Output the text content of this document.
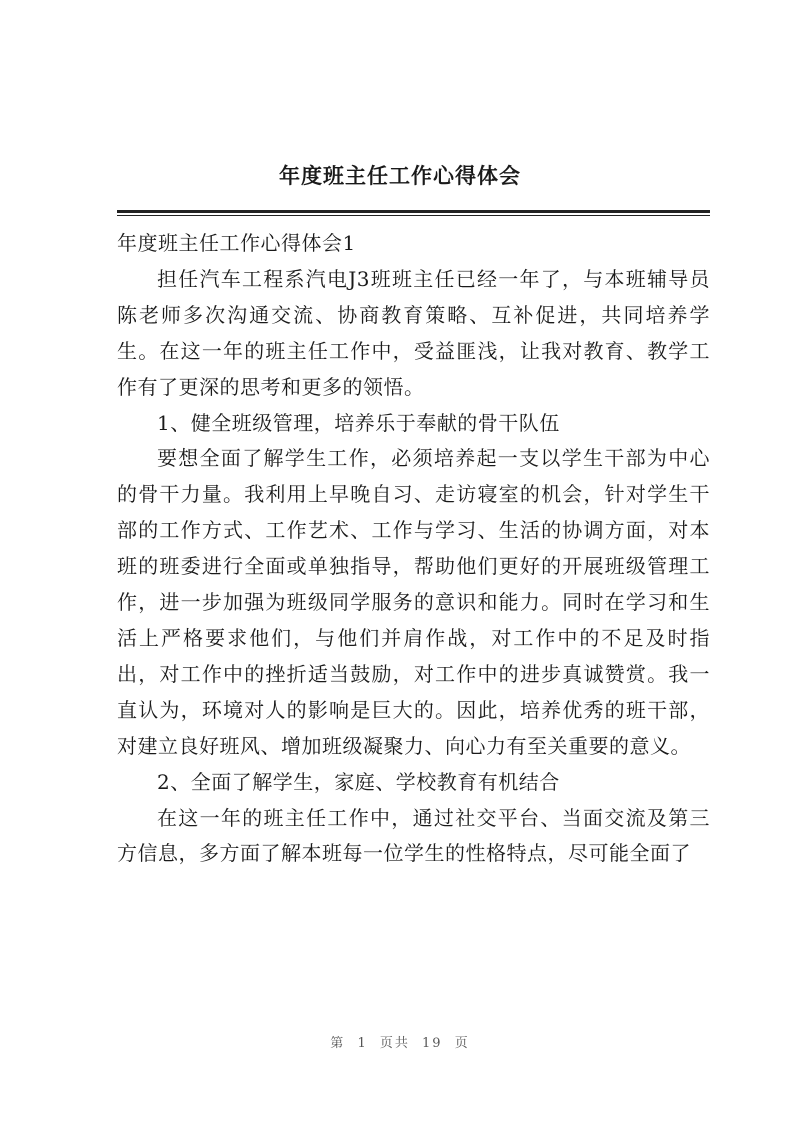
年度班主任工作心得体会

年度班主任工作心得体会1

担任汽车工程系汽电J3班班主任已经一年了，与本班辅导员陈老师多次沟通交流、协商教育策略、互补促进，共同培养学生。在这一年的班主任工作中，受益匪浅，让我对教育、教学工作有了更深的思考和更多的领悟。

1、健全班级管理，培养乐于奉献的骨干队伍

要想全面了解学生工作，必须培养起一支以学生干部为中心的骨干力量。我利用上早晚自习、走访寝室的机会，针对学生干部的工作方式、工作艺术、工作与学习、生活的协调方面，对本班的班委进行全面或单独指导，帮助他们更好的开展班级管理工作，进一步加强为班级同学服务的意识和能力。同时在学习和生活上严格要求他们，与他们并肩作战，对工作中的不足及时指出，对工作中的挫折适当鼓励，对工作中的进步真诚赞赏。我一直认为，环境对人的影响是巨大的。因此，培养优秀的班干部，对建立良好班风、增加班级凝聚力、向心力有至关重要的意义。

2、全面了解学生，家庭、学校教育有机结合

在这一年的班主任工作中，通过社交平台、当面交流及第三方信息，多方面了解本班每一位学生的性格特点，尽可能全面了

第 1 页共 19 页
